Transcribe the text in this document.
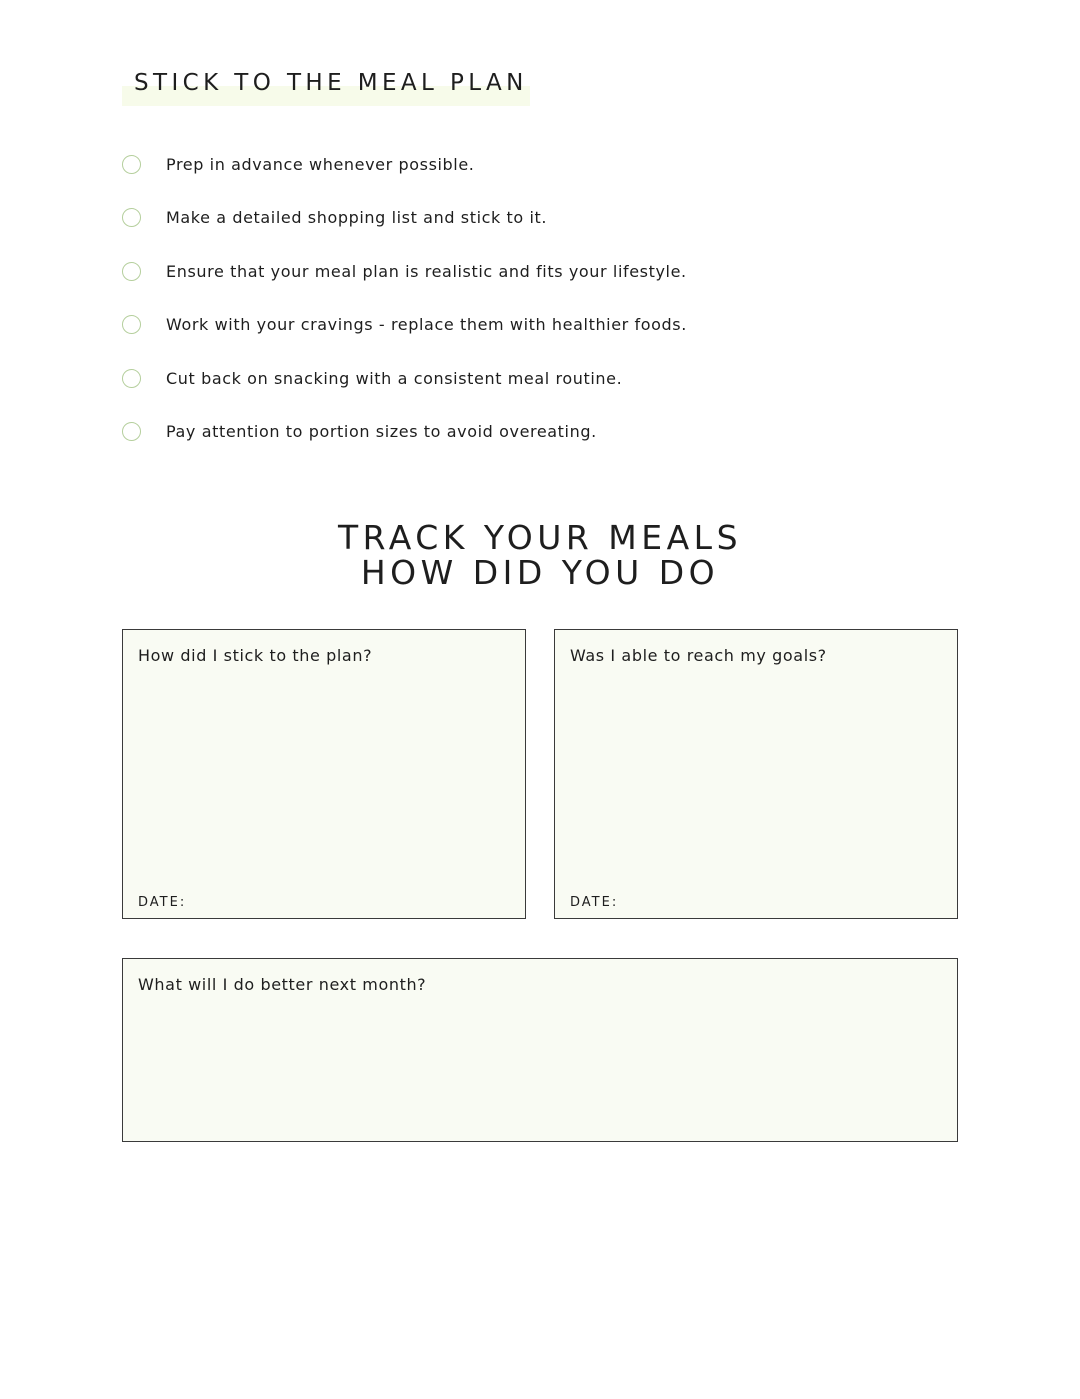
STICK TO THE MEAL PLAN
Prep in advance whenever possible.
Make a detailed shopping list and stick to it.
Ensure that your meal plan is realistic and fits your lifestyle.
Work with your cravings - replace them with healthier foods.
Cut back on snacking with a consistent meal routine.
Pay attention to portion sizes to avoid overeating.
TRACK YOUR MEALS
HOW DID YOU DO
How did I stick to the plan?
DATE:
Was I able to reach my goals?
DATE:
What will I do better next month?
